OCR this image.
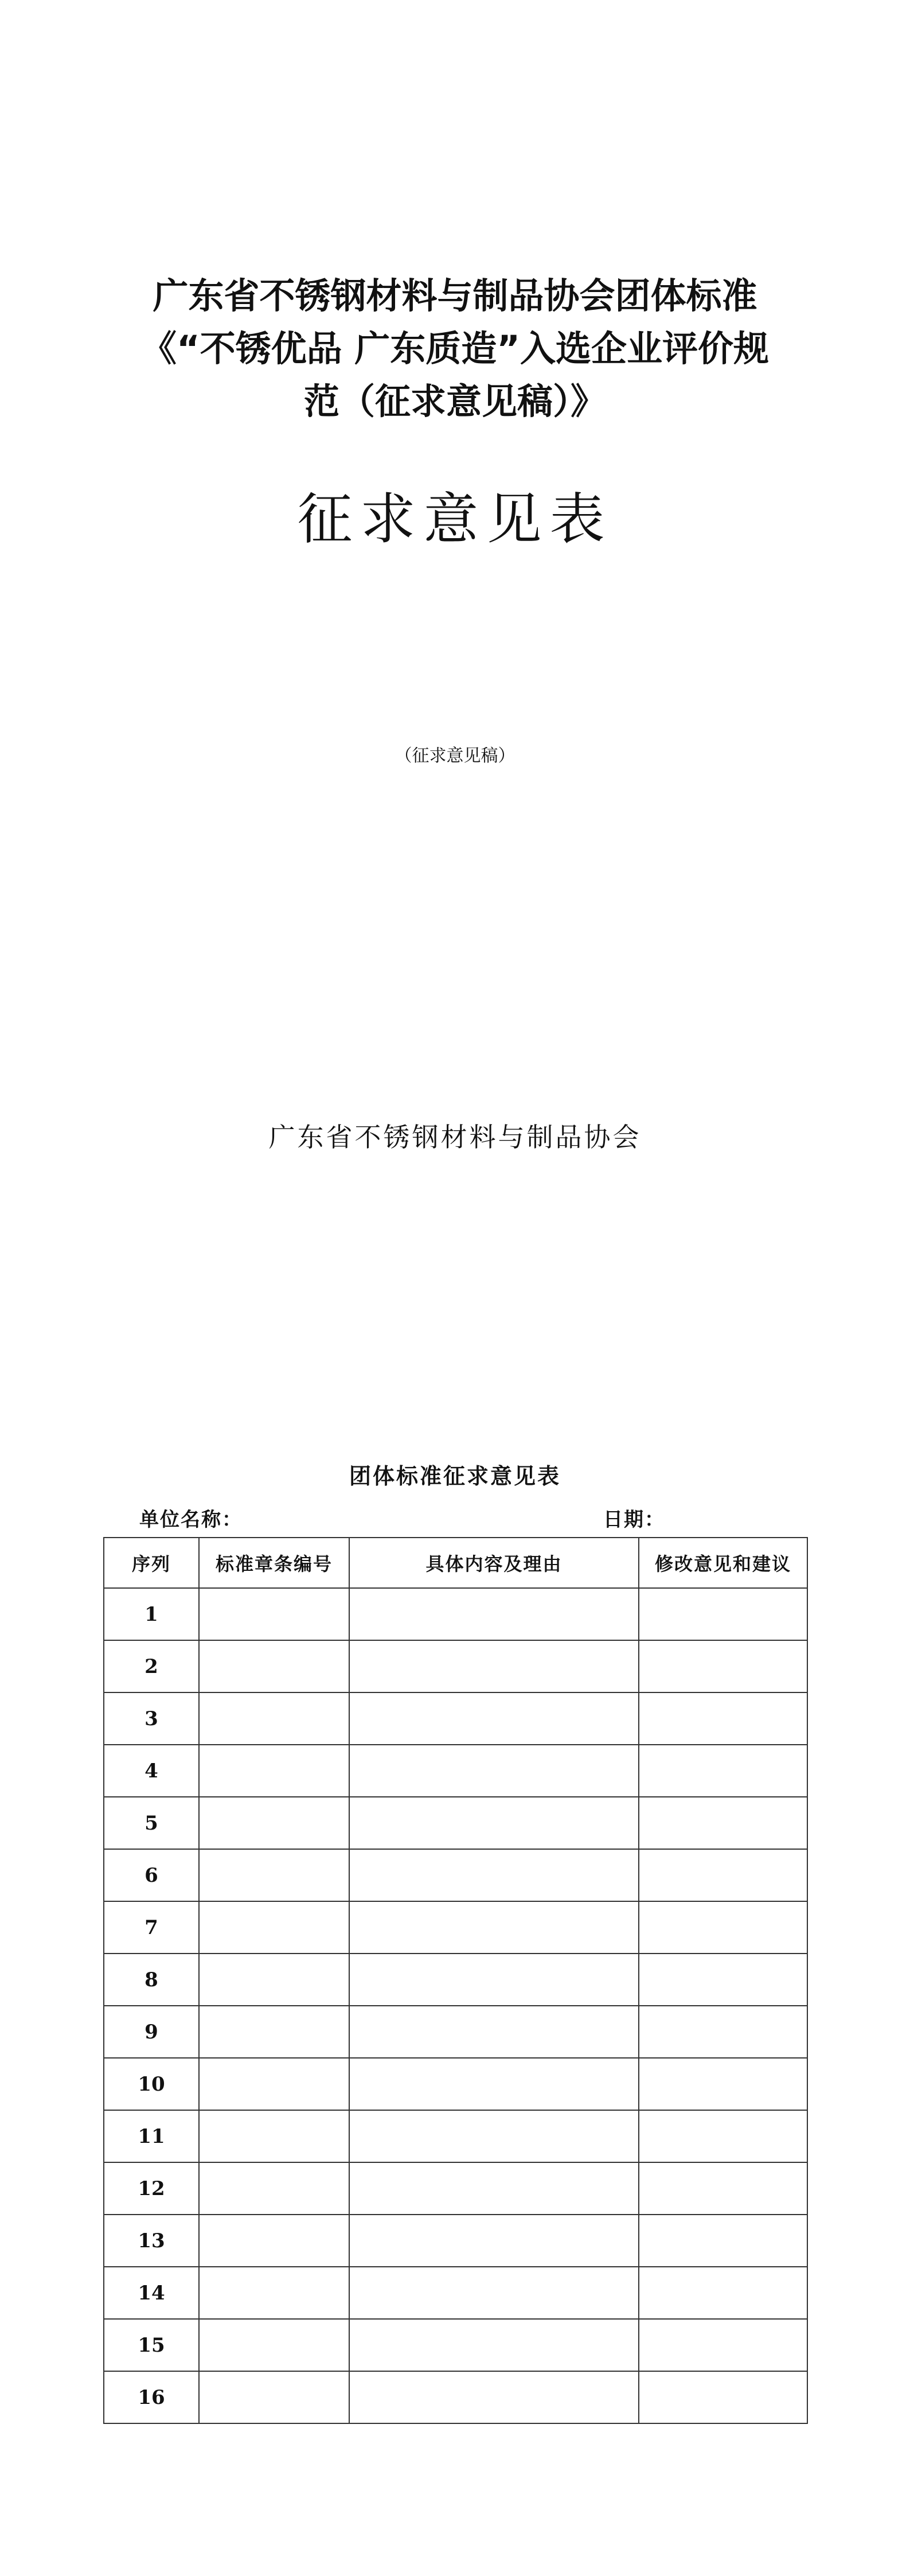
广东省不锈钢材料与制品协会团体标准
《“不锈优品 广东质造”入选企业评价规
范（征求意见稿）》
征求意见表
（征求意见稿）
广东省不锈钢材料与制品协会
团体标准征求意见表
单位名称：	日期：
序列	标准章条编号	具体内容及理由	修改意见和建议
1			
2			
3			
4			
5			
6			
7			
8			
9			
10			
11			
12			
13			
14			
15			
16			
